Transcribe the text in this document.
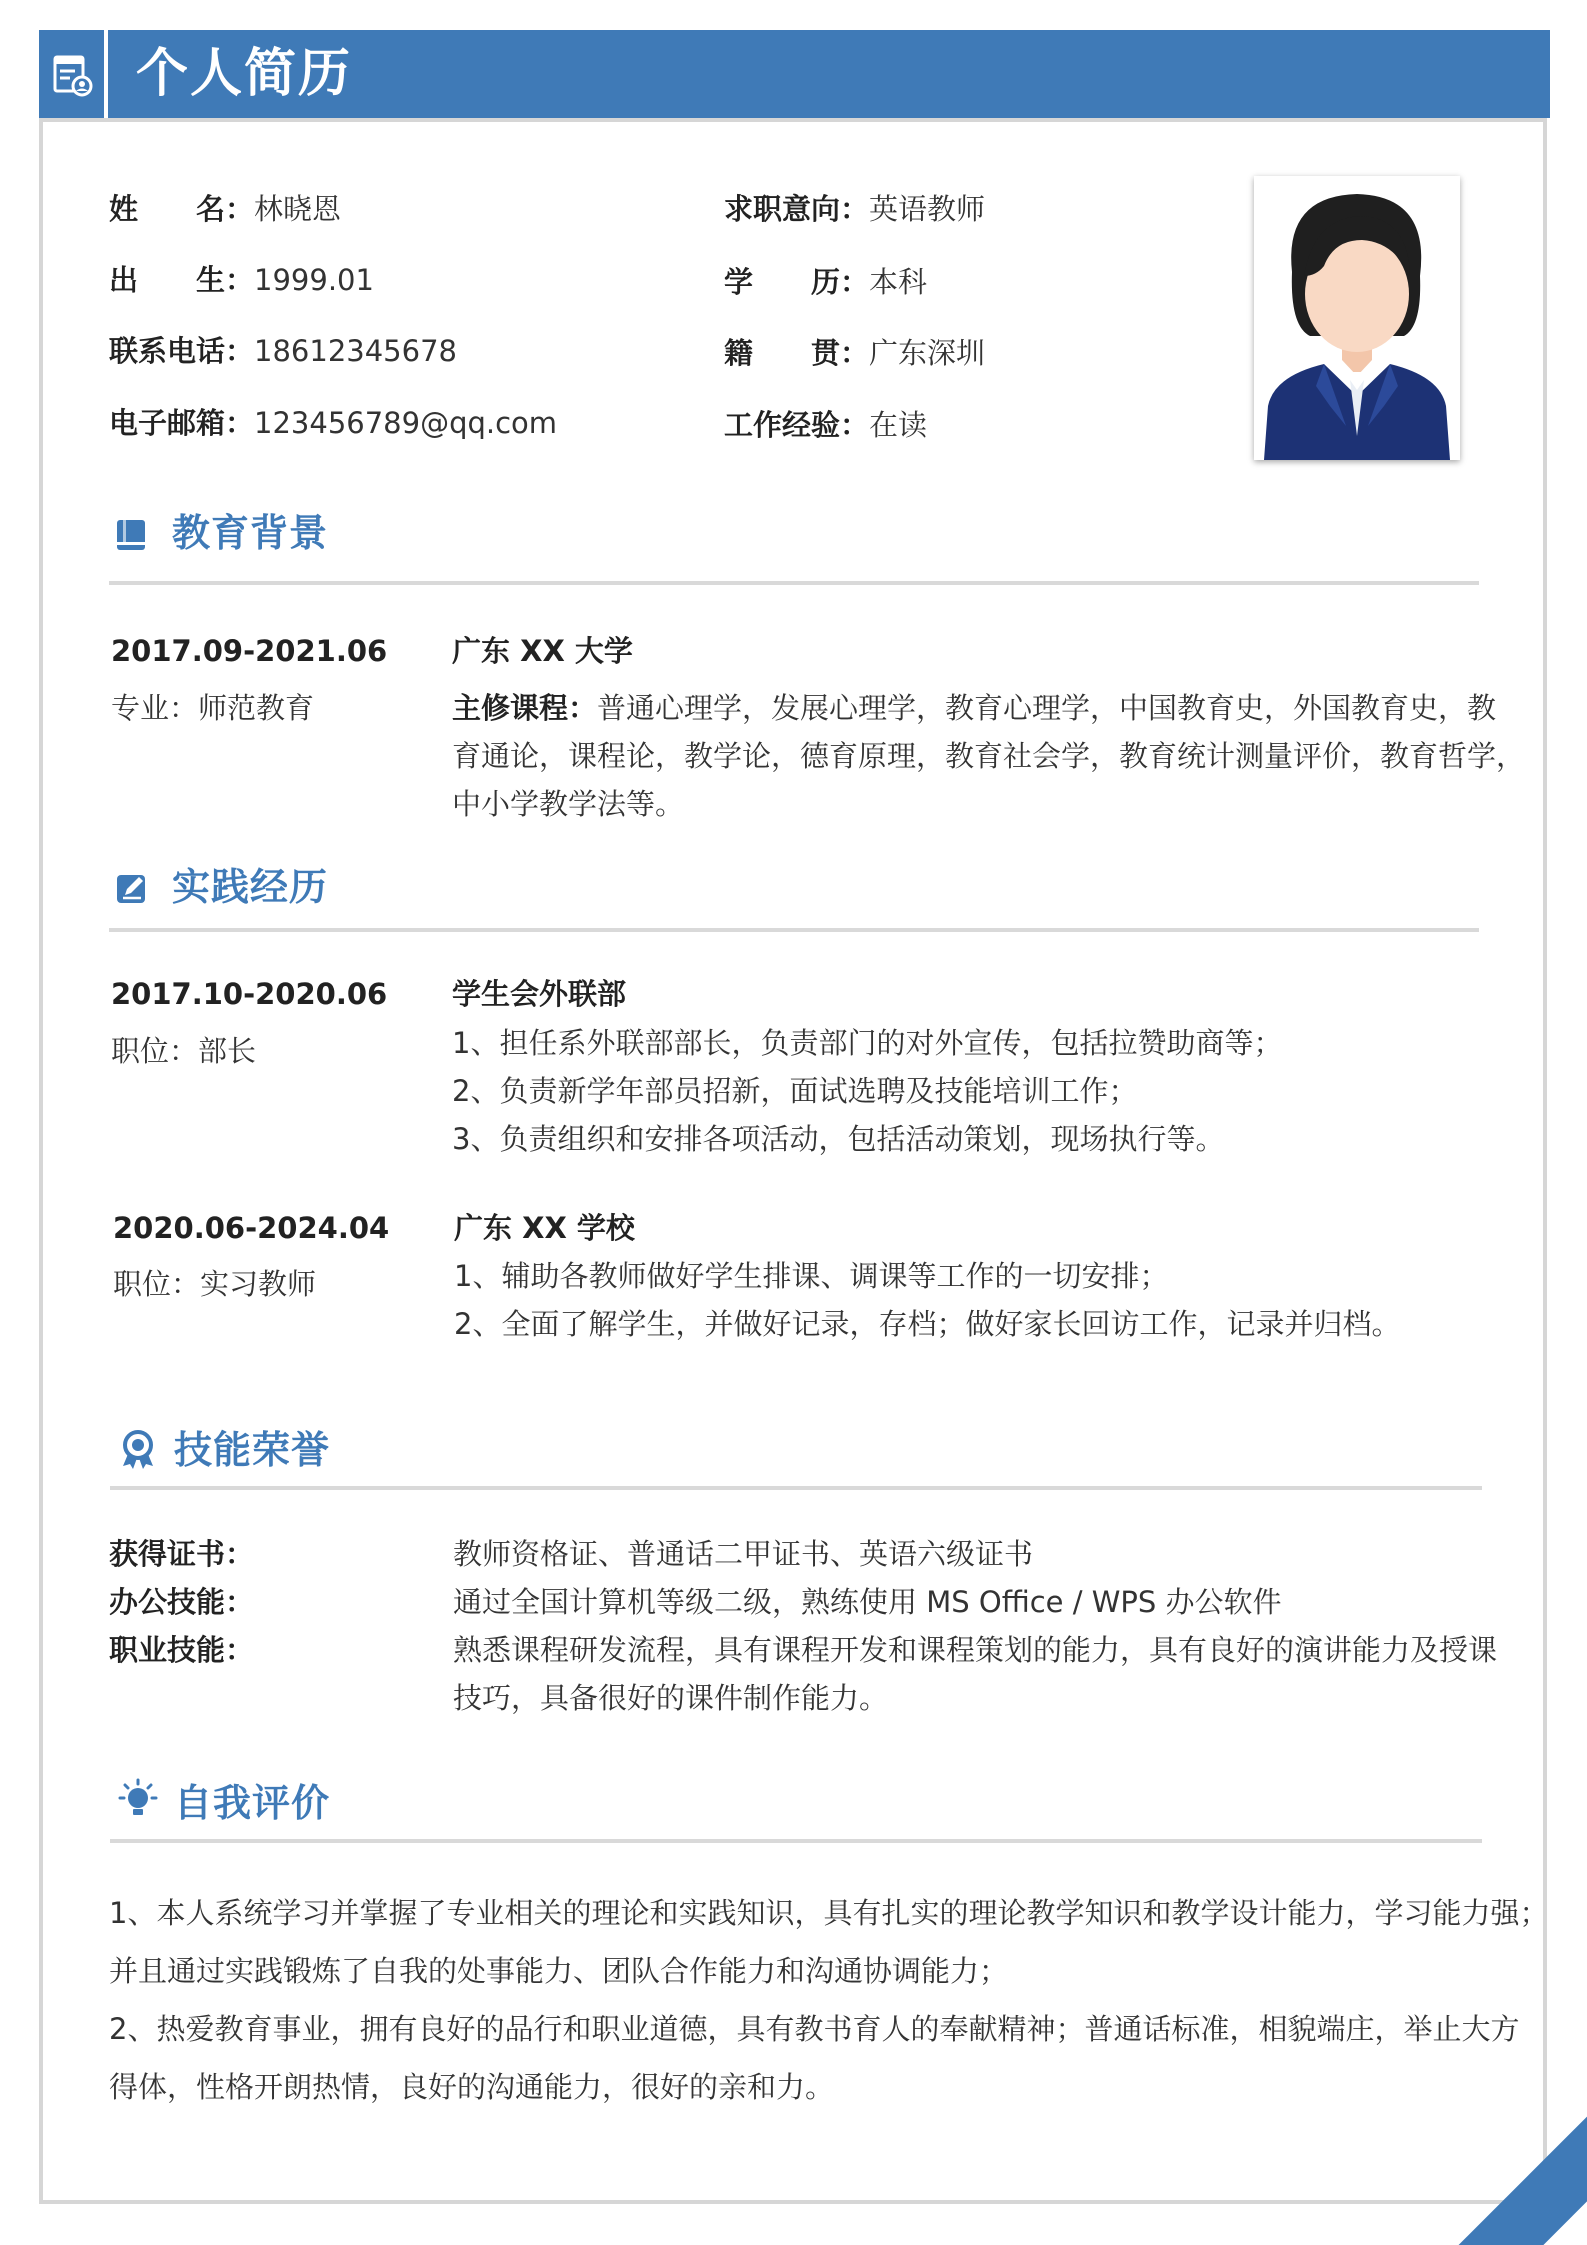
个人简历
姓　　名：林晓恩
出　　生：1999.01
联系电话：18612345678
电子邮箱：123456789@qq.com
求职意向：英语教师
学　　历：本科
籍　　贯：广东深圳
工作经验：在读
教育背景
2017.09-2021.06
专业：师范教育
广东 XX 大学
主修课程：普通心理学，发展心理学，教育心理学，中国教育史，外国教育史，教
育通论，课程论，教学论，德育原理，教育社会学，教育统计测量评价，教育哲学，
中小学教学法等。
实践经历
2017.10-2020.06
职位：部长
学生会外联部
1、担任系外联部部长，负责部门的对外宣传，包括拉赞助商等；
2、负责新学年部员招新，面试选聘及技能培训工作；
3、负责组织和安排各项活动，包括活动策划，现场执行等。
2020.06-2024.04
职位：实习教师
广东 XX 学校
1、辅助各教师做好学生排课、调课等工作的一切安排；
2、全面了解学生，并做好记录，存档；做好家长回访工作，记录并归档。
技能荣誉
获得证书：	教师资格证、普通话二甲证书、英语六级证书
办公技能：	通过全国计算机等级二级，熟练使用 MS Office / WPS 办公软件
职业技能：	熟悉课程研发流程，具有课程开发和课程策划的能力，具有良好的演讲能力及授课
技巧，具备很好的课件制作能力。
自我评价
1、本人系统学习并掌握了专业相关的理论和实践知识，具有扎实的理论教学知识和教学设计能力，学习能力强；
并且通过实践锻炼了自我的处事能力、团队合作能力和沟通协调能力；
2、热爱教育事业，拥有良好的品行和职业道德，具有教书育人的奉献精神；普通话标准，相貌端庄，举止大方
得体，性格开朗热情，良好的沟通能力，很好的亲和力。
